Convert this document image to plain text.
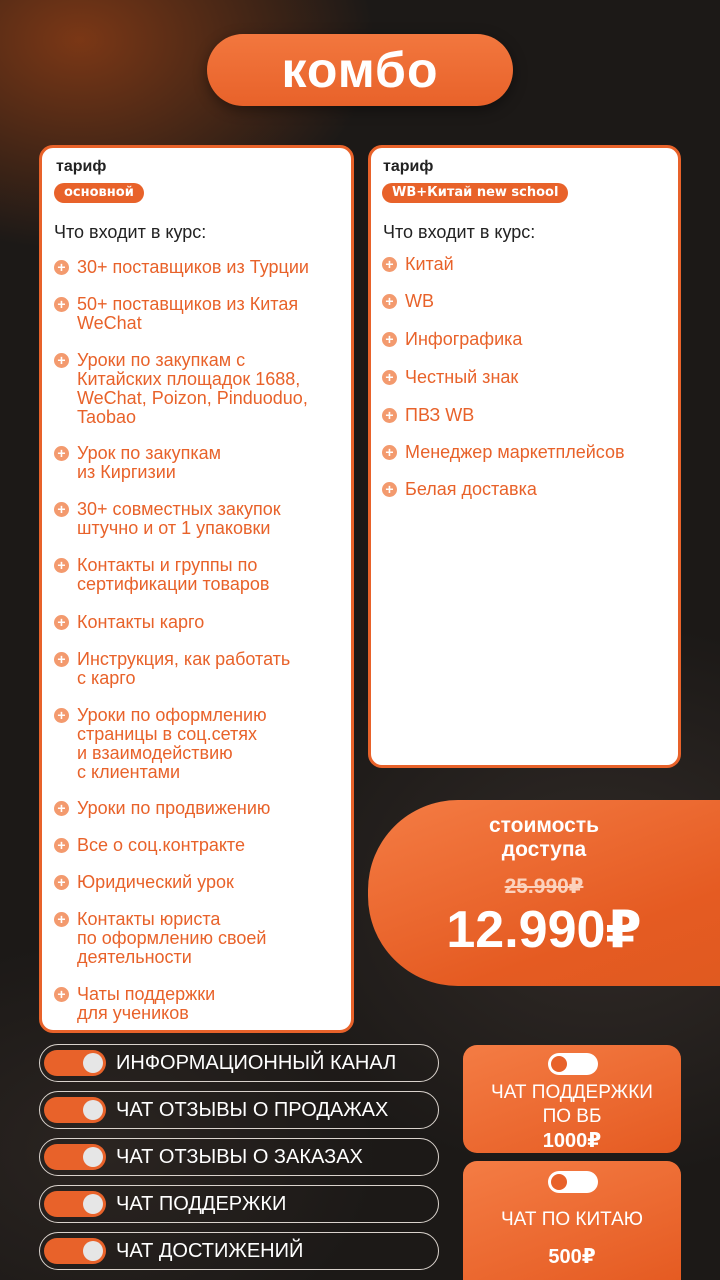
комбо
тариф
основной
Что входит в курс:
+ 30+ поставщиков из Турции
+ 50+ поставщиков из Китая
WeChat
+ Уроки по закупкам с
Китайских площадок 1688,
WeChat, Poizon, Pinduoduo,
Taobao
+ Урок по закупкам
из Киргизии
+ 30+ совместных закупок
штучно и от 1 упаковки
+ Контакты и группы по
сертификации товаров
+ Контакты карго
+ Инструкция, как работать
с карго
+ Уроки по оформлению
страницы в соц.сетях
и взаимодействию
с клиентами
+ Уроки по продвижению
+ Все о соц.контракте
+ Юридический урок
+ Контакты юриста
по оформлению своей
деятельности
+ Чаты поддержки
для учеников
тариф
WB+Китай new school
Что входит в курс:
+ Китай
+ WB
+ Инфографика
+ Честный знак
+ ПВЗ WB
+ Менеджер маркетплейсов
+ Белая доставка
стоимость
доступа
25.990₽
12.990₽
ЧАТ ПОДДЕРЖКИ
ПО ВБ
1000₽
ЧАТ ПО КИТАЮ
500₽
ИНФОРМАЦИОННЫЙ КАНАЛ
ЧАТ ОТЗЫВЫ О ПРОДАЖАХ
ЧАТ ОТЗЫВЫ О ЗАКАЗАХ
ЧАТ ПОДДЕРЖКИ
ЧАТ ДОСТИЖЕНИЙ
